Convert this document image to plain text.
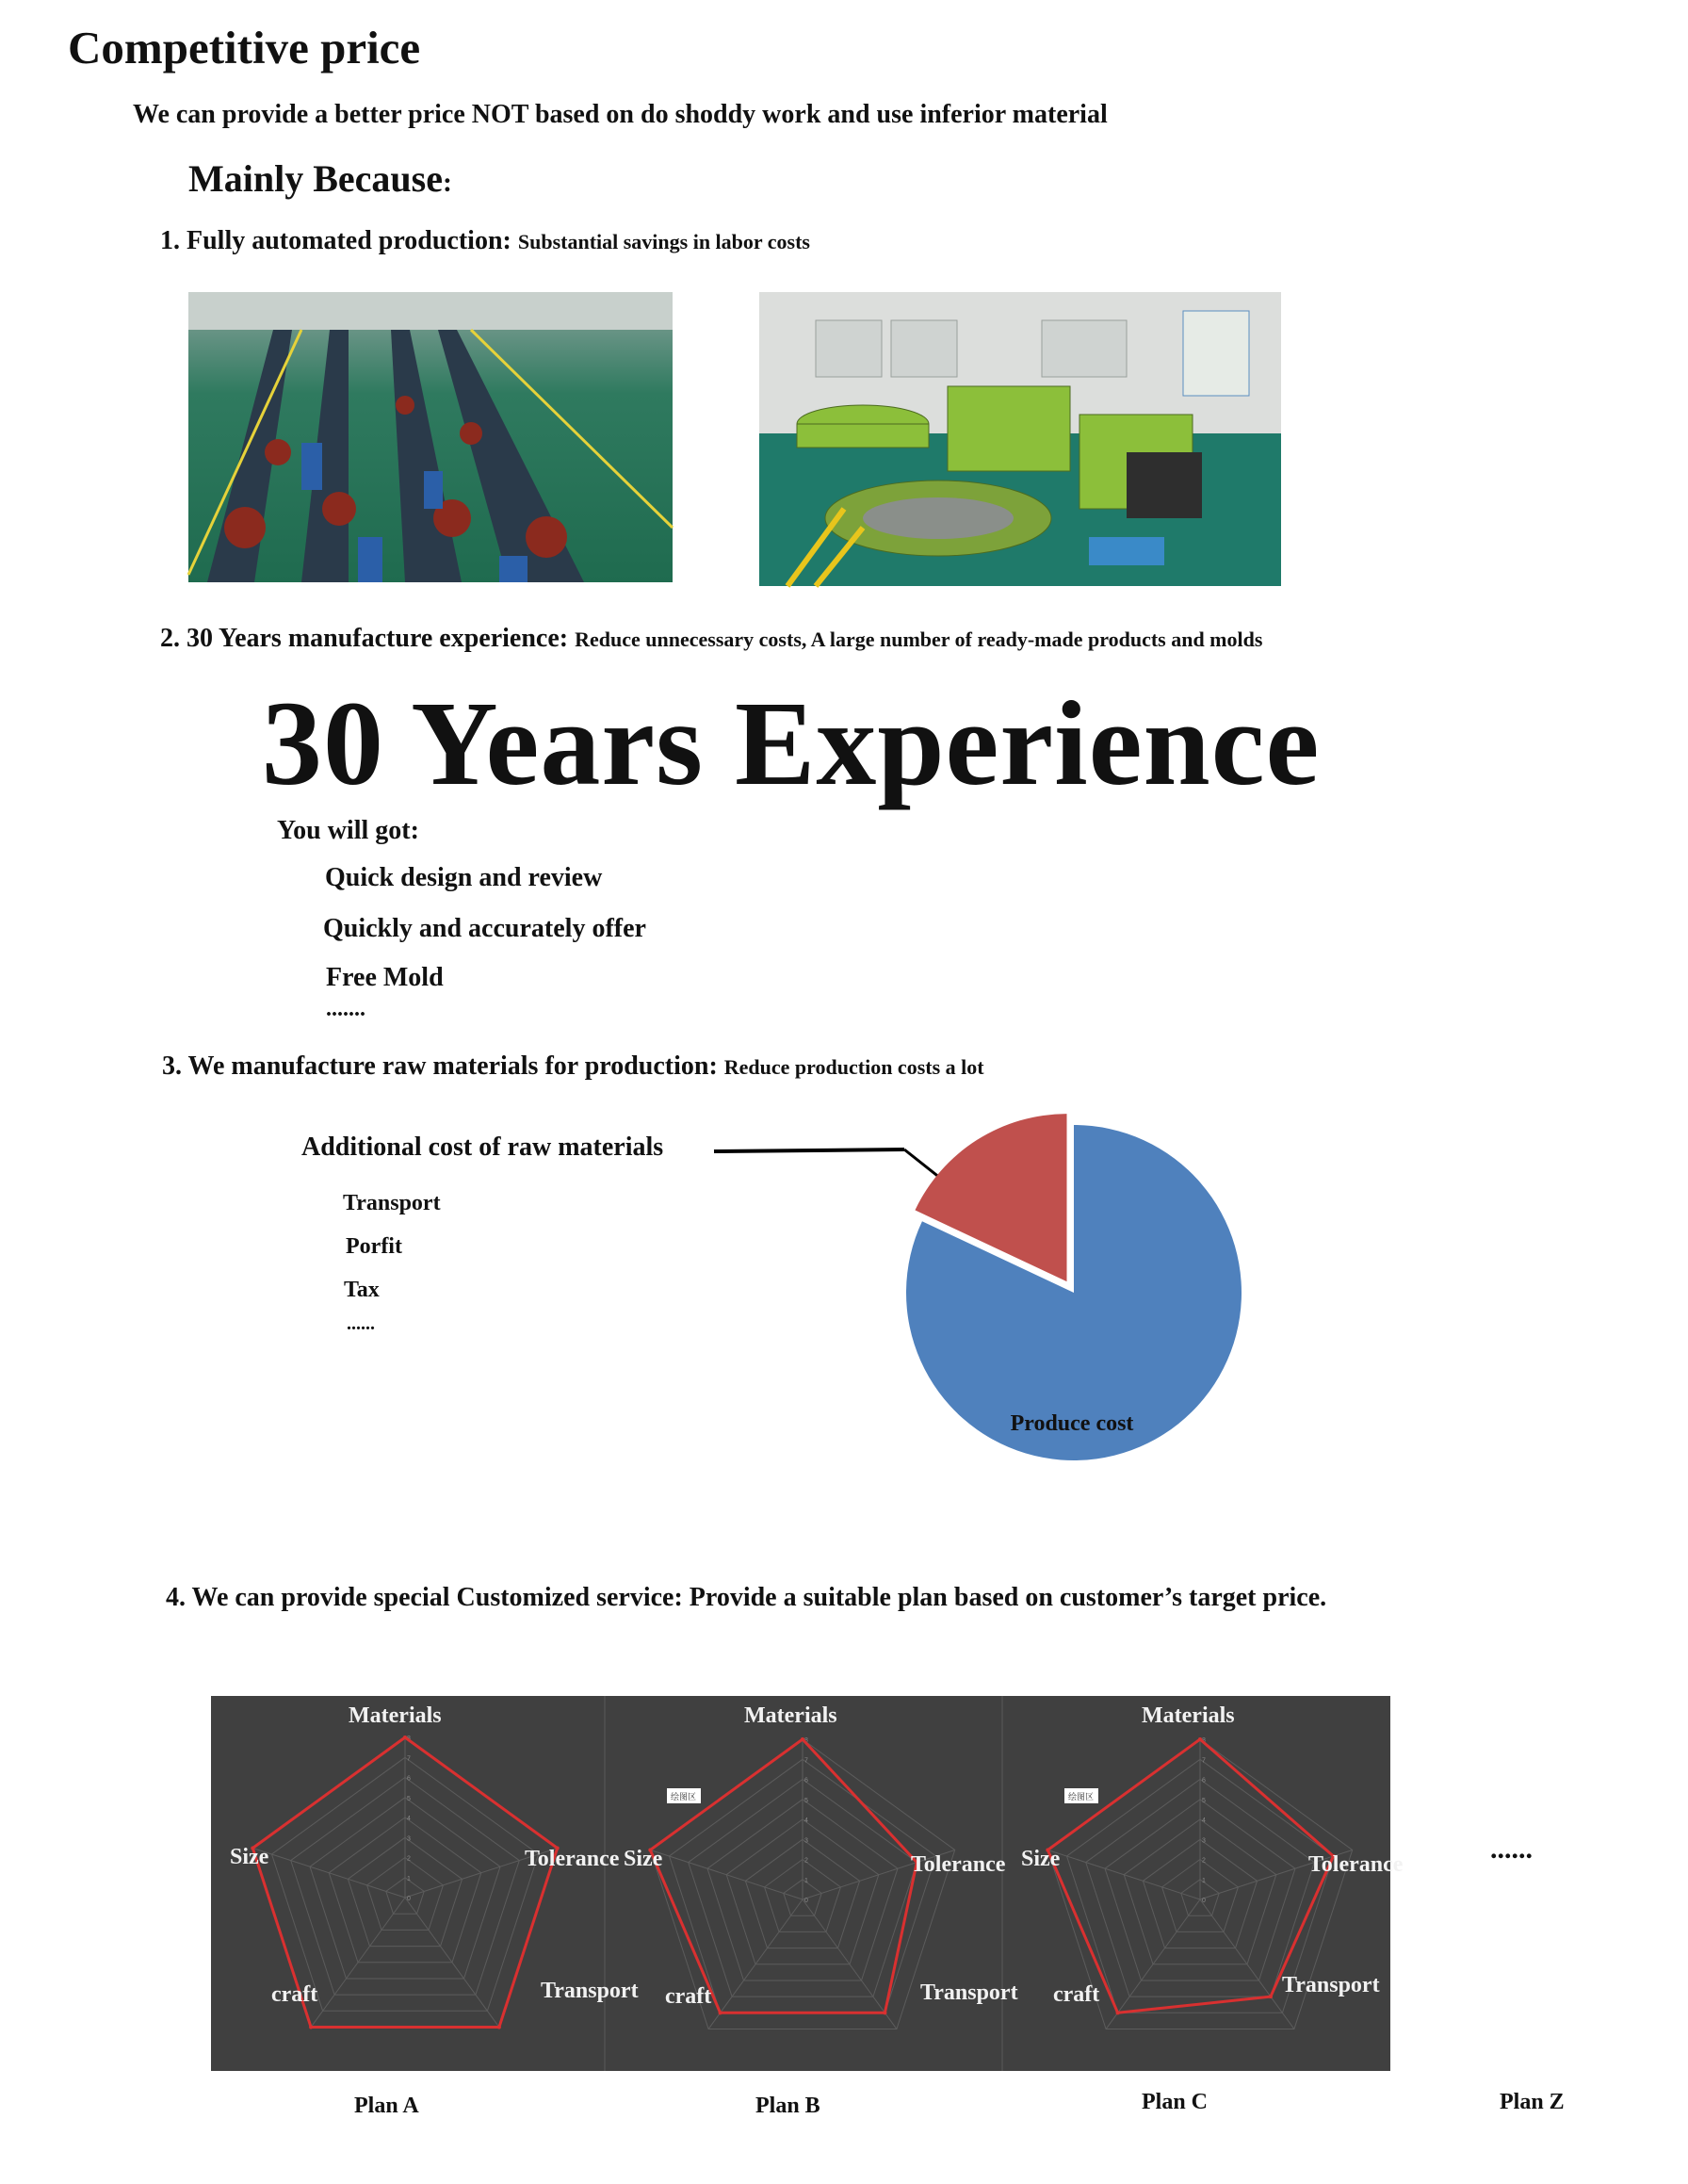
Competitive price
We can provide a better price NOT based on do shoddy work and use inferior material
Mainly Because:
1. Fully automated production: Substantial savings in labor costs
2. 30 Years manufacture experience: Reduce unnecessary costs, A large number of ready-made products and molds
30 Years Experience
You will got:
Quick design and review
Quickly and accurately offer
Free Mold
.......
3. We manufacture raw materials for production: Reduce production costs a lot
Additional cost of raw materials
Transport
Porfit
Tax
......
Produce cost
4. We can provide special Customized service: Provide a suitable plan based on customer’s target price.
0
1
2
3
4
5
6
7
8
Materials
Tolerance
Transport
craft
Size
0
1
2
3
4
5
6
7
8
Materials
Tolerance
Transport
craft
Size
绘图区
0
1
2
3
4
5
6
7
8
Materials
Tolerance
Transport
craft
Size
绘图区
......
Plan A	Plan B	Plan C	Plan Z
